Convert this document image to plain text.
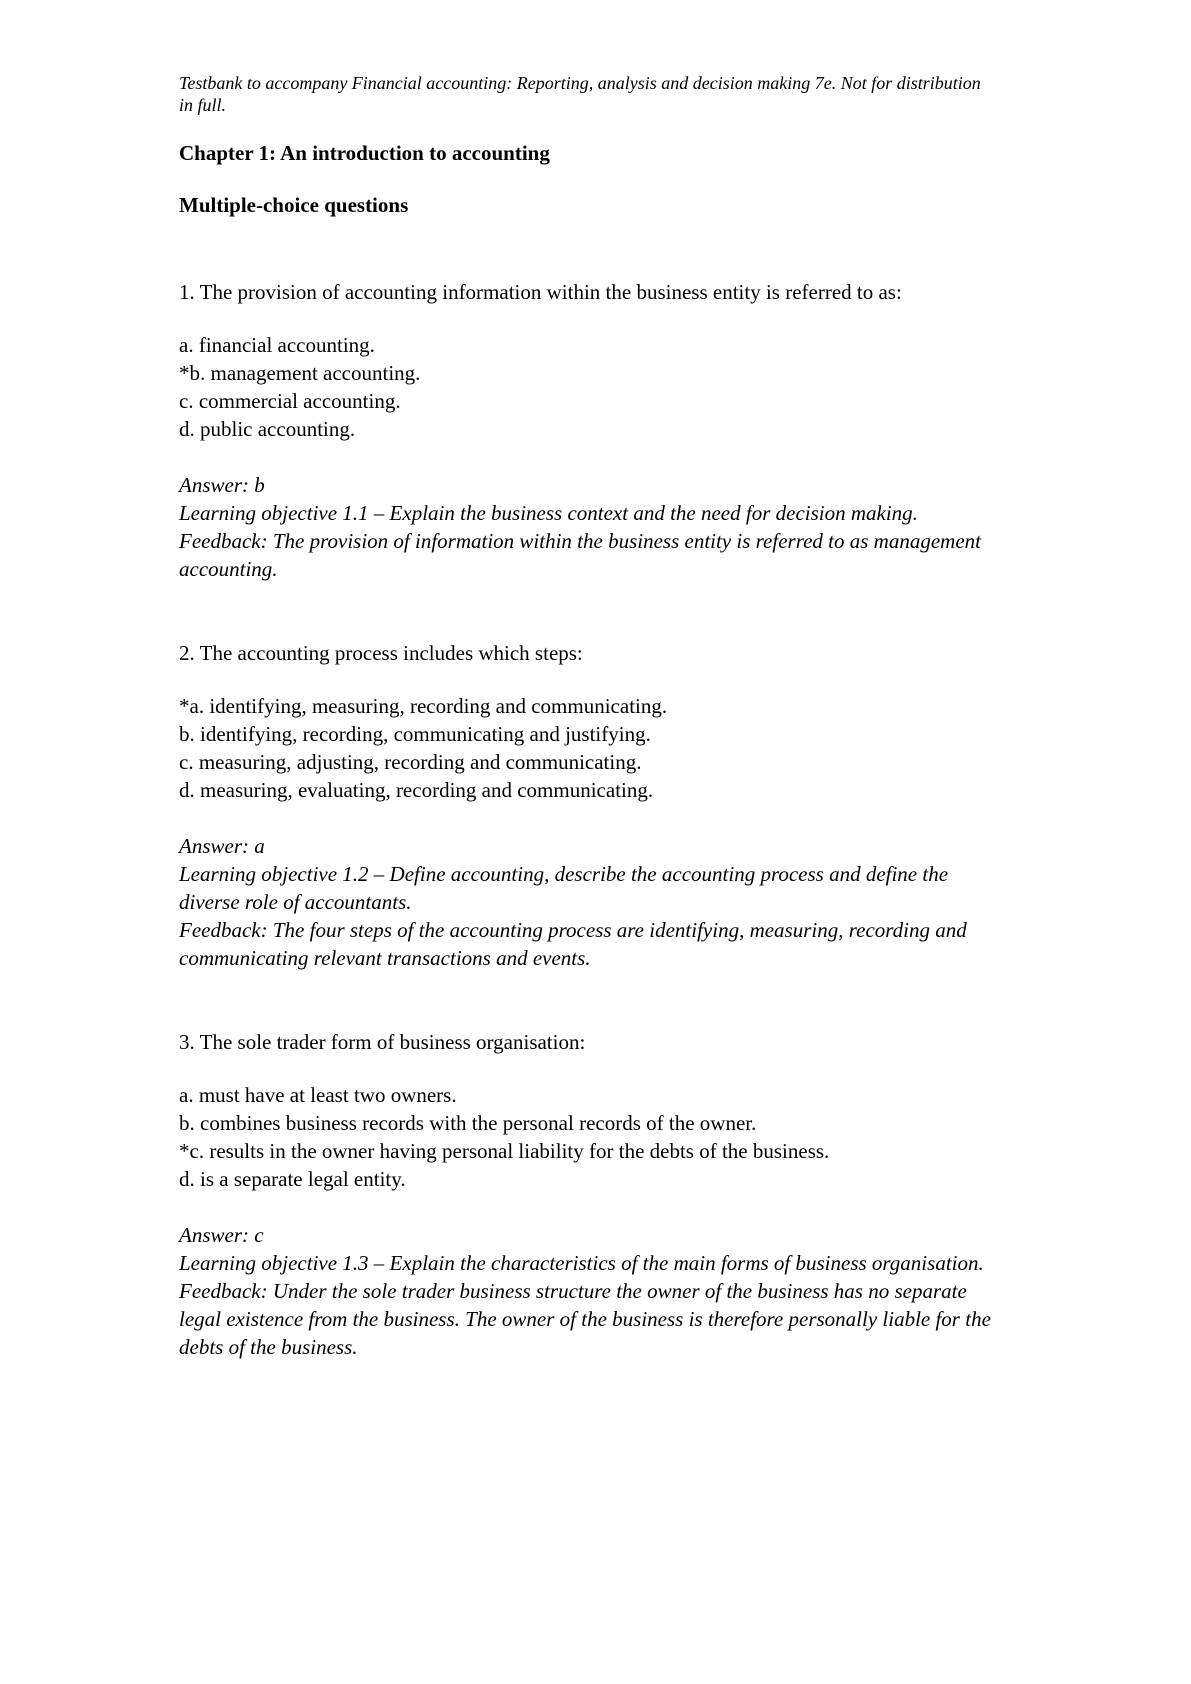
Testbank to accompany Financial accounting: Reporting, analysis and decision making 7e. Not for distribution in full.

Chapter 1: An introduction to accounting
Multiple-choice questions

1. The provision of accounting information within the business entity is referred to as:

a. financial accounting.
*b. management accounting.
c. commercial accounting.
d. public accounting.

Answer: b

Learning objective 1.1 – Explain the business context and the need for decision making.

Feedback: The provision of information within the business entity is referred to as management accounting.

2. The accounting process includes which steps:

*a. identifying, measuring, recording and communicating.
b. identifying, recording, communicating and justifying.
c. measuring, adjusting, recording and communicating.
d. measuring, evaluating, recording and communicating.

Answer: a

Learning objective 1.2 – Define accounting, describe the accounting process and define the diverse role of accountants.

Feedback: The four steps of the accounting process are identifying, measuring, recording and communicating relevant transactions and events.

3. The sole trader form of business organisation:

a. must have at least two owners.
b. combines business records with the personal records of the owner.
*c. results in the owner having personal liability for the debts of the business.
d. is a separate legal entity.

Answer: c

Learning objective 1.3 – Explain the characteristics of the main forms of business organisation.

Feedback: Under the sole trader business structure the owner of the business has no separate legal existence from the business. The owner of the business is therefore personally liable for the debts of the business.
